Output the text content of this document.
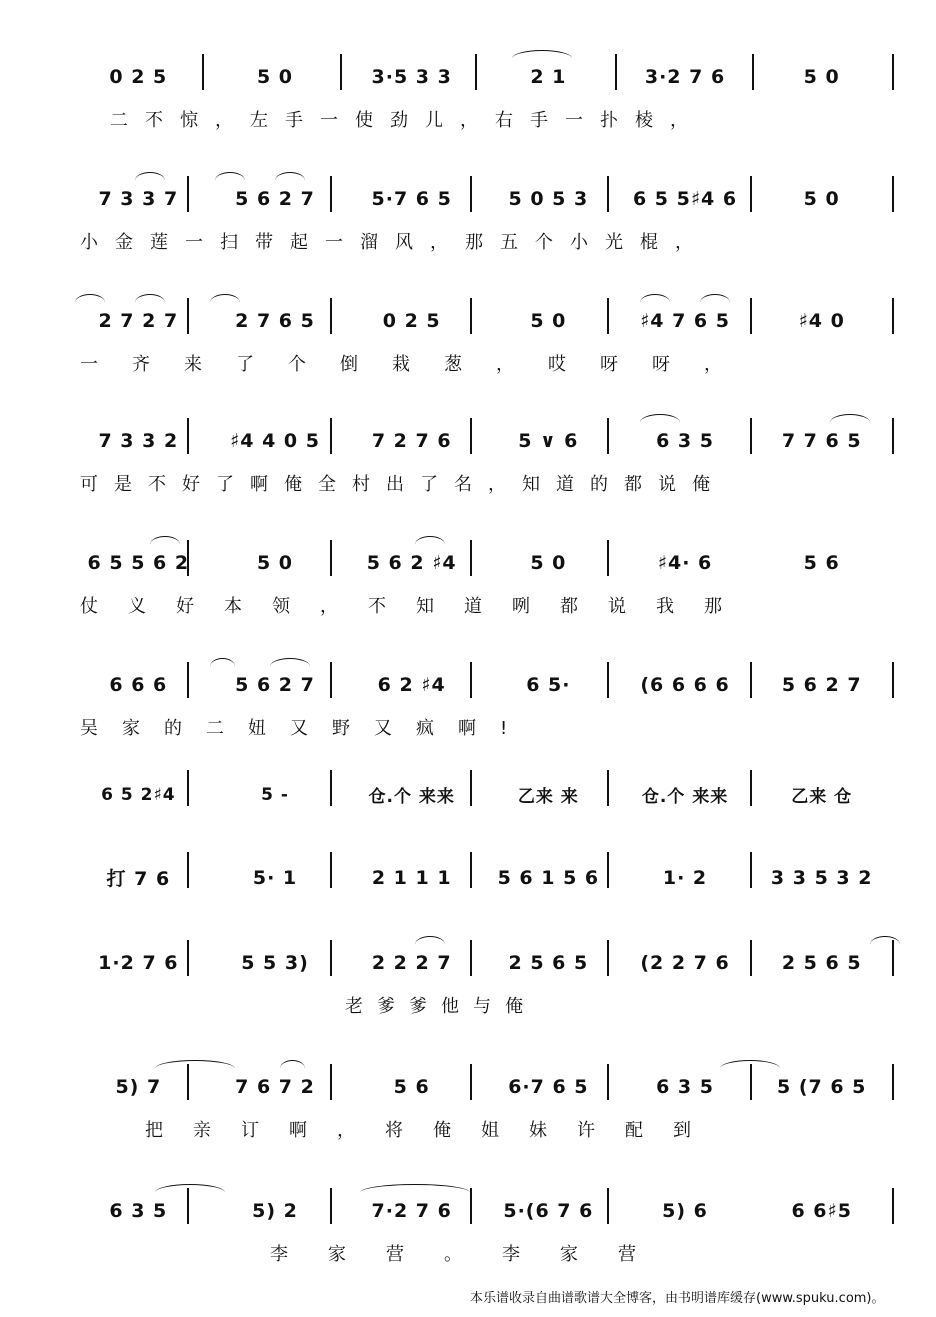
0 2 5	5 0	3·5 3 3	2 1	3·2 7 6	5 0
二不惊，左手一使劲儿，右手一扑棱，
7 3 3 7	5 6 2 7	5·7 6 5	5 0 5 3	6 5 5♯4 6	5 0
小金莲一扫带起一溜风，那五个小光棍，
2 7 2 7	2 7 6 5	0 2 5	5 0	♯4 7 6 5	♯4 0
一齐来了个倒栽葱，哎呀呀，
7 3 3 2	♯4 4 0 5	7 2 7 6	5 ∨ 6	6 3 5	7 7 6 5
可是不好了啊俺全村出了名，知道的都说俺
6 5 5 6 2	5 0	5 6 2 ♯4	5 0	♯4· 6	5 6
仗义好本领，不知道咧都说我那
6 6 6	5 6 2 7	6 2 ♯4	6 5·	(6 6 6 6	5 6 2 7
吴家的二妞又野又疯啊!
6 5 2♯4	5 -	仓.个 来来	乙来 来	仓.个 来来	乙来 仓
打 7 6	5· 1	2 1 1 1	5 6 1 5 6	1· 2	3 3 5 3 2
1·2 7 6	5 5 3)	2 2 2 7	2 5 6 5	(2 2 7 6	2 5 6 5
老爹爹他与俺
5) 7	7 6 7 2	5 6	6·7 6 5	6 3 5	5 (7 6 5
把亲订啊，将俺姐妹许配到
6 3 5	5) 2	7·2 7 6	5·(6 7 6	5) 6	6 6♯5
李家营。李家营
本乐谱收录自曲谱歌谱大全博客，由书明谱库缓存(www.spuku.com)。
